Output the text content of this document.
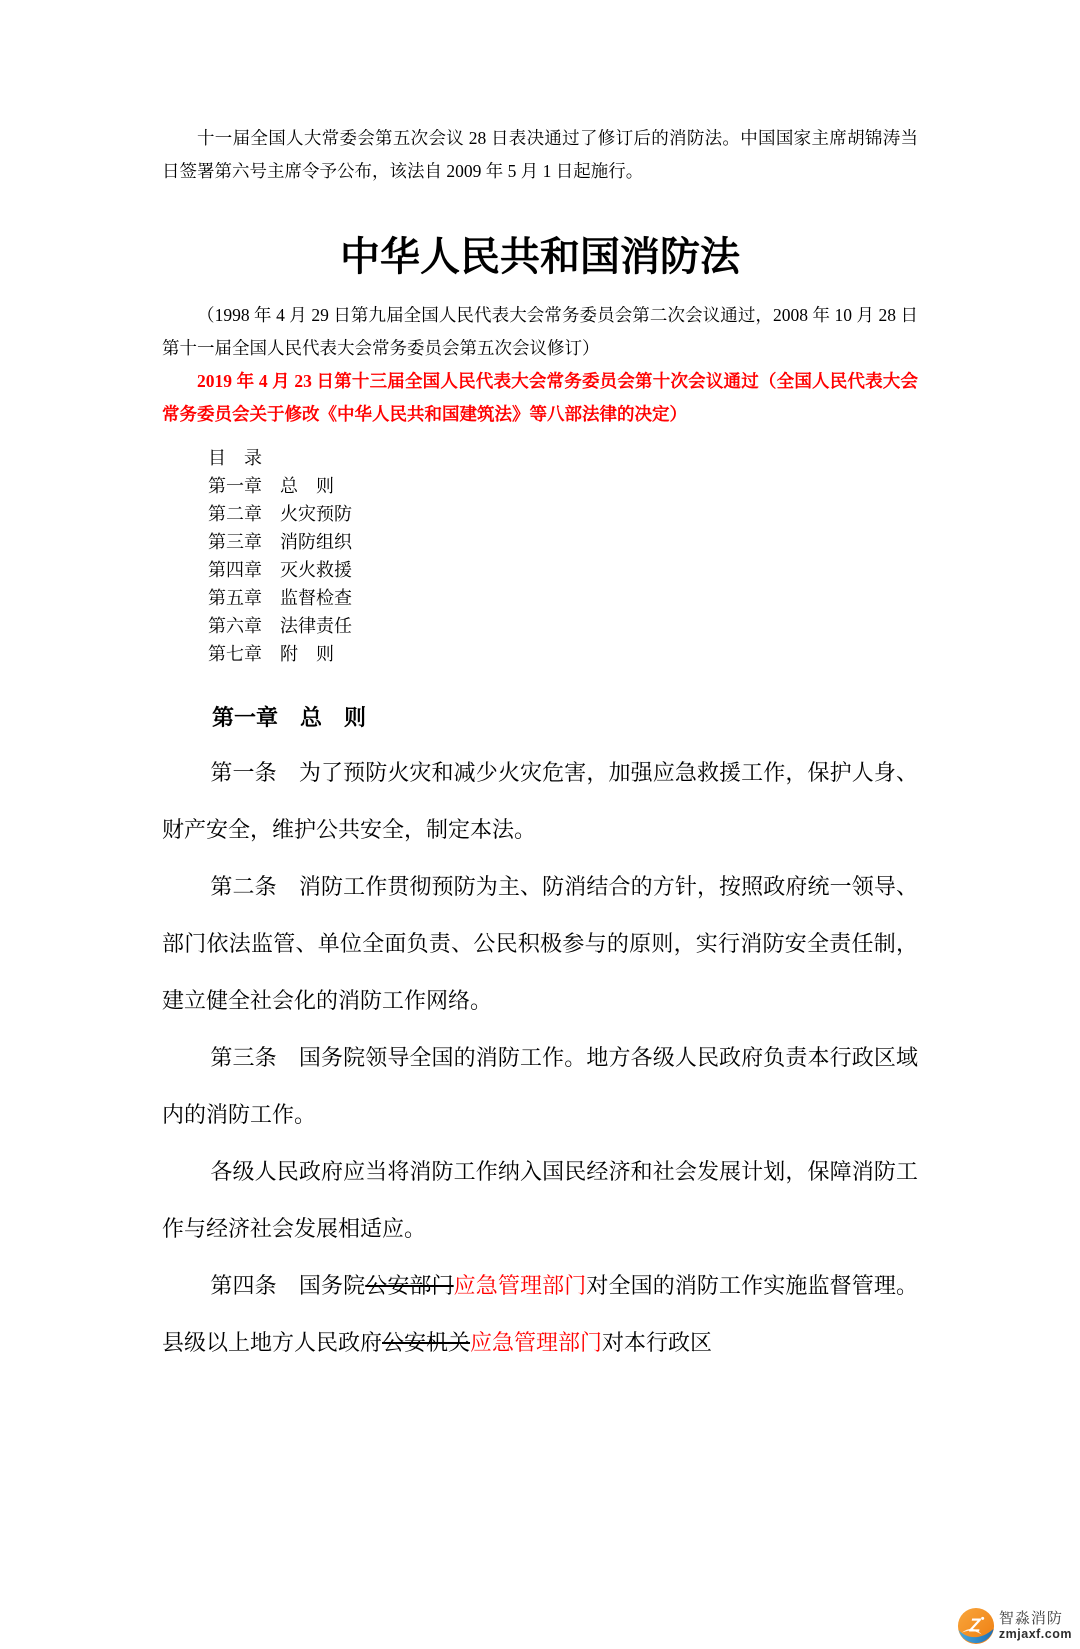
十一届全国人大常委会第五次会议 28 日表决通过了修订后的消防法。中国国家主席胡锦涛当日签署第六号主席令予公布，该法自 2009 年 5 月 1 日起施行。

中华人民共和国消防法

（1998 年 4 月 29 日第九届全国人民代表大会常务委员会第二次会议通过，2008 年 10 月 28 日第十一届全国人民代表大会常务委员会第五次会议修订）

2019 年 4 月 23 日第十三届全国人民代表大会常务委员会第十次会议通过（全国人民代表大会常务委员会关于修改《中华人民共和国建筑法》等八部法律的决定）

目　录
第一章　总　则
第二章　火灾预防
第三章　消防组织
第四章　灭火救援
第五章　监督检查
第六章　法律责任
第七章　附　则
第一章　总　则

第一条　为了预防火灾和减少火灾危害，加强应急救援工作，保护人身、财产安全，维护公共安全，制定本法。

第二条　消防工作贯彻预防为主、防消结合的方针，按照政府统一领导、部门依法监管、单位全面负责、公民积极参与的原则，实行消防安全责任制，建立健全社会化的消防工作网络。

第三条　国务院领导全国的消防工作。地方各级人民政府负责本行政区域内的消防工作。

各级人民政府应当将消防工作纳入国民经济和社会发展计划，保障消防工作与经济社会发展相适应。

第四条　国务院公安部门应急管理部门对全国的消防工作实施监督管理。县级以上地方人民政府公安机关应急管理部门对本行政区

Z 智淼消防
zmjaxf.com
